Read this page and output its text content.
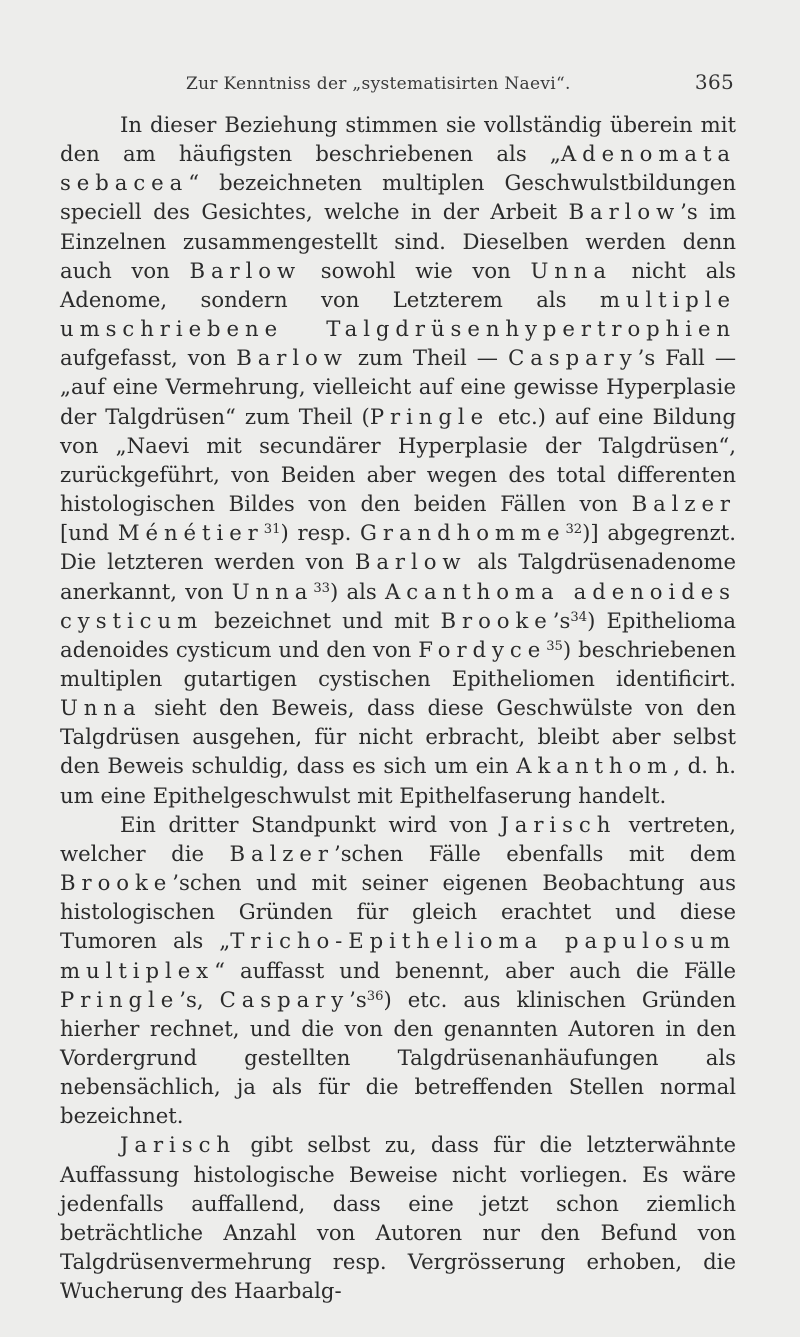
Zur Kenntniss der „systematisirten Naevi“.	365

In dieser Beziehung stimmen sie vollständig überein mit den am häufigsten beschriebenen als „Adenomata sebacea“ bezeichneten multiplen Geschwulstbildungen speciell des Gesichtes, welche in der Arbeit Barlow’s im Einzelnen zusammengestellt sind. Dieselben werden denn auch von Barlow sowohl wie von Unna nicht als Adenome, sondern von Letzterem als multiple umschriebene Talgdrüsenhypertrophien aufgefasst, von Barlow zum Theil — Caspary’s Fall — „auf eine Vermehrung, vielleicht auf eine gewisse Hyperplasie der Talgdrüsen“ zum Theil (Pringle etc.) auf eine Bildung von „Naevi mit secundärer Hyperplasie der Talgdrüsen“, zurückgeführt, von Beiden aber wegen des total differenten histologischen Bildes von den beiden Fällen von Balzer [und Ménétier$^{31}$) resp. Grandhomme$^{32}$)] abgegrenzt. Die letzteren werden von Barlow als Talgdrüsenadenome anerkannt, von Unna$^{33}$) als Acanthoma adenoides cysticum bezeichnet und mit $Brooke’s^{34}$) Epithelioma adenoides cysticum und den von Fordyce$^{35}$) beschriebenen multiplen gutartigen cystischen Epitheliomen identificirt. Unna sieht den Beweis, dass diese Geschwülste von den Talgdrüsen ausgehen, für nicht erbracht, bleibt aber selbst den Beweis schuldig, dass es sich um ein Akanthom, d. h. um eine Epithelgeschwulst mit Epithelfaserung handelt.

Ein dritter Standpunkt wird von Jarisch vertreten, welcher die Balzer’schen Fälle ebenfalls mit dem Brooke’schen und mit seiner eigenen Beobachtung aus histologischen Gründen für gleich erachtet und diese Tumoren als „Tricho-Epithelioma papulosum multiplex“ auffasst und benennt, aber auch die Fälle Pringle’s, $Caspary’s^{36}$) etc. aus klinischen Gründen hierher rechnet, und die von den genannten Autoren in den Vordergrund gestellten Talgdrüsenanhäufungen als nebensächlich, ja als für die betreffenden Stellen normal bezeichnet.

Jarisch gibt selbst zu, dass für die letzterwähnte Auffassung histologische Beweise nicht vorliegen. Es wäre jedenfalls auffallend, dass eine jetzt schon ziemlich beträchtliche Anzahl von Autoren nur den Befund von Talgdrüsenvermehrung resp. Vergrösserung erhoben, die Wucherung des Haarbalg-
